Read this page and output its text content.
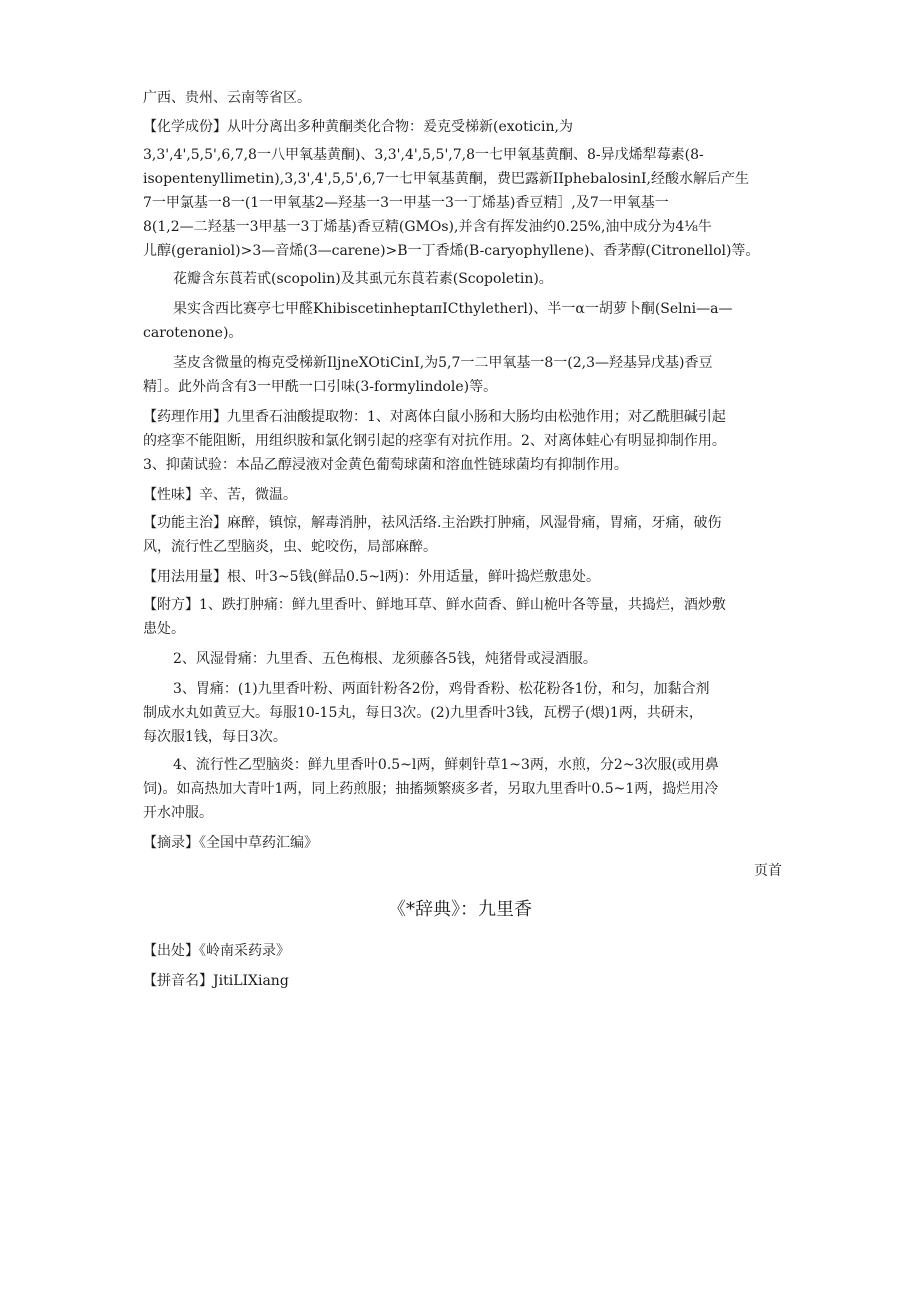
广西、贵州、云南等省区。
【化学成份】从叶分离出多种黄酮类化合物：爰克受梯新(exoticin,为
3,3',4',5,5',6,7,8一八甲氧基黄酮)、3,3',4',5,5',7,8一七甲氧基黄酮、8-异戊烯犁莓素(8-
isopentenyllimetin),3,3',4',5,5',6,7一七甲氧基黄酮，费巴露新IIphebalosinI,经酸水解后产生
7一甲氯基一8一(1一甲氧基2—羟基一3一甲基一3一丁烯基)香豆精］,及7一甲氧基一
8(1,2—二羟基一3甲基一3丁烯基)香豆精(GMOs),并含有挥发油约0.25%,油中成分为4⅛牛
儿醇(geraniol)>3—音烯(3—carene)>B一丁香烯(B-caryophyllene)、香茅醇(Citronellol)等。
花瓣含东莨若甙(scopolin)及其虱元东莨若素(Scopoletin)。
果实含西比赛亭七甲醛KhibiscetinheptaπICthyletherl)、半一α一胡萝卜酮(Selni—a—
carotenone)。
茎皮含微量的梅克受梯新IljneXOtiCinI,为5,7一二甲氧基一8一(2,3—羟基异戊基)香豆
精］。此外尚含有3一甲酰一口引味(3-formylindole)等。
【药理作用】九里香石油酸提取物：1、对离体白鼠小肠和大肠均由松弛作用；对乙酰胆碱引起
的痉挛不能阻断，用组织胺和氯化钢引起的痉挛有对抗作用。2、对离体蛙心有明显抑制作用。
3、抑菌试验：本品乙醇浸液对金黄色葡萄球菌和溶血性链球菌均有抑制作用。
【性味】辛、苦，微温。
【功能主治】麻醉，镇惊，解毒消肿，祛风活络.主治跌打肿痛，风湿骨痛，胃痛，牙痛，破伤
风，流行性乙型脑炎，虫、蛇咬伤，局部麻醉。
【用法用量】根、叶3~5钱(鲜品0.5~l两)：外用适量，鲜叶捣烂敷患处。
【附方】1、跌打肿痛：鲜九里香叶、鲜地耳草、鲜水茴香、鲜山桅叶各等量，共捣烂，酒炒敷
患处。
2、风湿骨痛：九里香、五色梅根、龙须藤各5钱，炖猪骨或浸酒服。
3、胃痛：(1)九里香叶粉、两面针粉各2份，鸡骨香粉、松花粉各1份，和匀，加黏合剂
制成水丸如黄豆大。每服10-15丸，每日3次。(2)九里香叶3钱，瓦楞子(煨)1两，共研末，
每次服1钱，每日3次。
4、流行性乙型脑炎：鲜九里香叶0.5~l两，鲜刺针草1~3两，水煎，分2~3次服(或用鼻
饲)。如高热加大青叶1两，同上药煎服；抽搐频繁痰多者，另取九里香叶0.5~1两，捣烂用冷
开水冲服。
【摘录】《全国中草药汇编》
页首
《*辞典》：九里香
【出处】《岭南采药录》
【拼音名】JitiLIXiang
